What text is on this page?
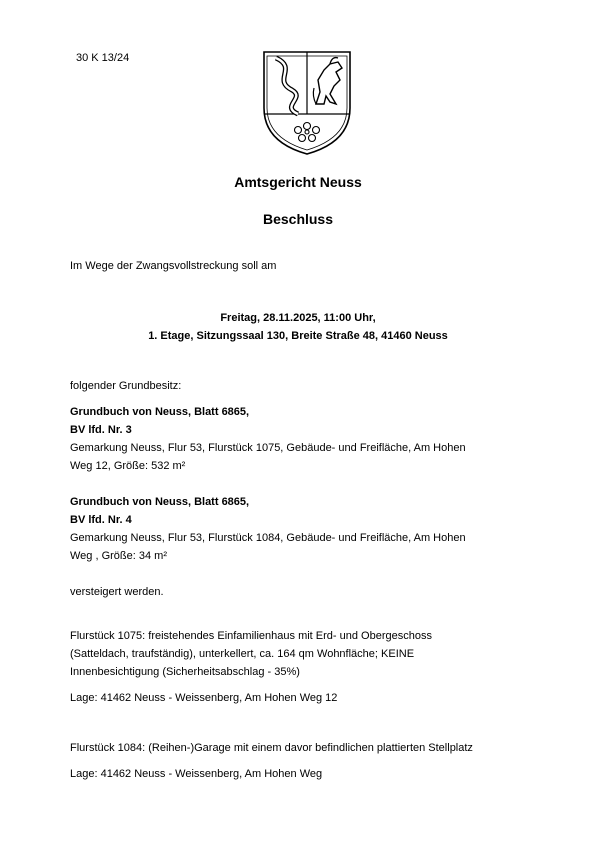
30 K 13/24
Amtsgericht Neuss
Beschluss
Im Wege der Zwangsvollstreckung soll am
Freitag, 28.11.2025, 11:00 Uhr,
1. Etage, Sitzungssaal 130, Breite Straße 48, 41460 Neuss
folgender Grundbesitz:
Grundbuch von Neuss, Blatt 6865,
BV lfd. Nr. 3
Gemarkung Neuss, Flur 53, Flurstück 1075, Gebäude- und Freifläche, Am Hohen
Weg 12, Größe: 532 m²
Grundbuch von Neuss, Blatt 6865,
BV lfd. Nr. 4
Gemarkung Neuss, Flur 53, Flurstück 1084, Gebäude- und Freifläche, Am Hohen
Weg , Größe: 34 m²
versteigert werden.
Flurstück 1075: freistehendes Einfamilienhaus mit Erd- und Obergeschoss
(Satteldach, traufständig), unterkellert, ca. 164 qm Wohnfläche; KEINE
Innenbesichtigung (Sicherheitsabschlag - 35%)
Lage: 41462 Neuss - Weissenberg, Am Hohen Weg 12
Flurstück 1084: (Reihen-)Garage mit einem davor befindlichen plattierten Stellplatz
Lage: 41462 Neuss - Weissenberg, Am Hohen Weg
